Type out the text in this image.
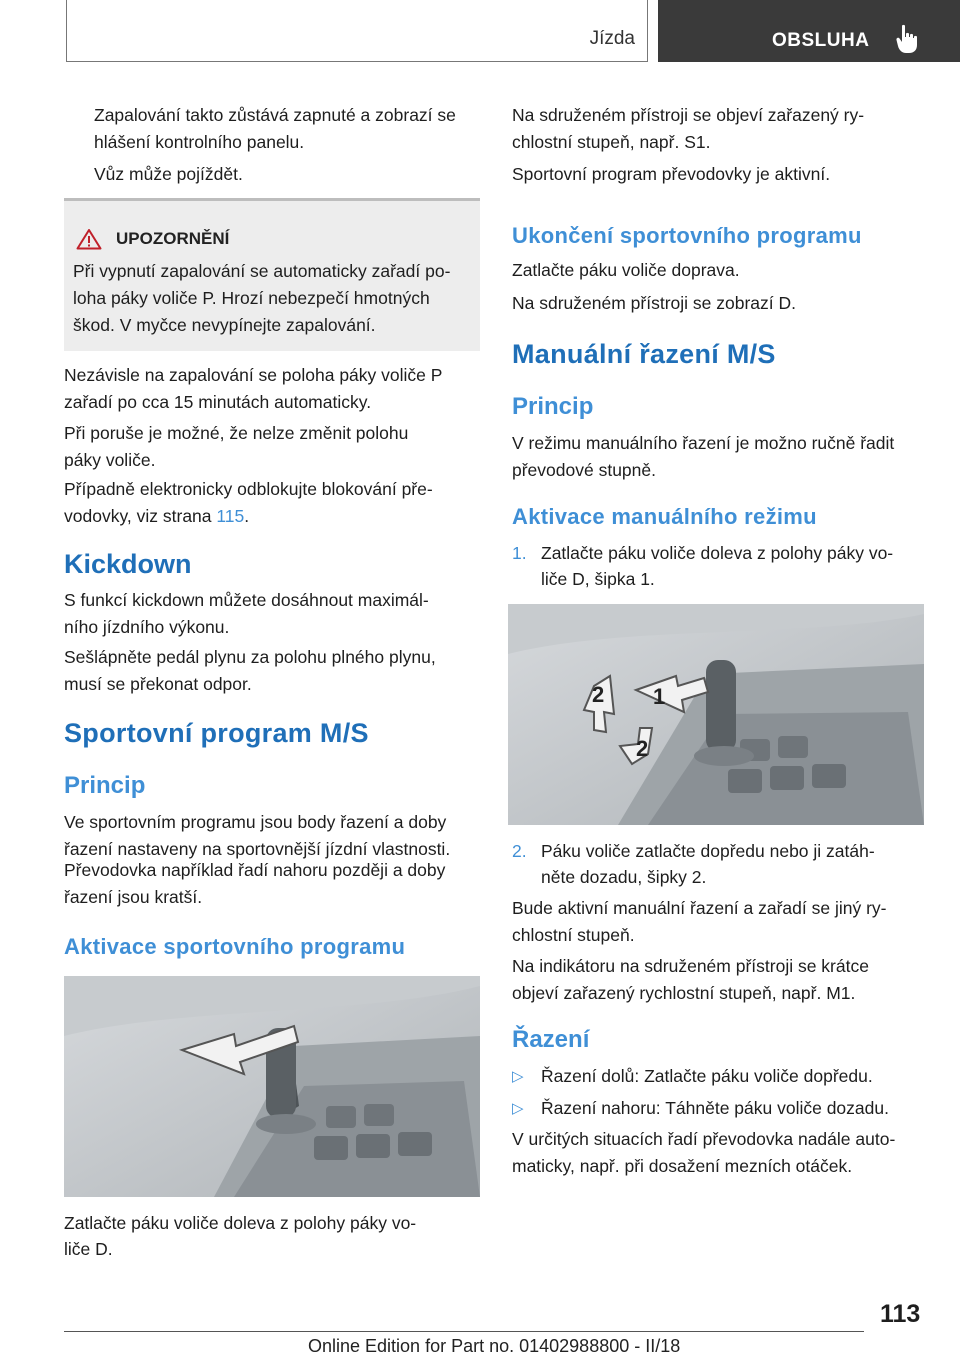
Jízda	OBSLUHA
Zapalování takto zůstává zapnuté a zobrazí se
hlášení kontrolního panelu.
Vůz může pojíždět.
UPOZORNĚNÍ
Při vypnutí zapalování se automaticky zařadí po-
loha páky voliče P. Hrozí nebezpečí hmotných
škod. V myčce nevypínejte zapalování.
Nezávisle na zapalování se poloha páky voliče P
zařadí po cca 15 minutách automaticky.
Při poruše je možné, že nelze změnit polohu
páky voliče.
Případně elektronicky odblokujte blokování pře-
vodovky, viz strana 115.
Kickdown
S funkcí kickdown můžete dosáhnout maximál-
ního jízdního výkonu.
Sešlápněte pedál plynu za polohu plného plynu,
musí se překonat odpor.
Sportovní program M/S
Princip
Ve sportovním programu jsou body řazení a doby
řazení nastaveny na sportovnější jízdní vlastnosti.
Převodovka například řadí nahoru později a doby
řazení jsou kratší.
Aktivace sportovního programu
Zatlačte páku voliče doleva z polohy páky vo-
liče D.
Na sdruženém přístroji se objeví zařazený ry-
chlostní stupeň, např. S1.
Sportovní program převodovky je aktivní.
Ukončení sportovního programu
Zatlačte páku voliče doprava.
Na sdruženém přístroji se zobrazí D.
Manuální řazení M/S
Princip
V režimu manuálního řazení je možno ručně řadit
převodové stupně.
Aktivace manuálního režimu
1. Zatlačte páku voliče doleva z polohy páky vo-
liče D, šipka 1.
1
2
2
2. Páku voliče zatlačte dopředu nebo ji zatáh-
něte dozadu, šipky 2.
Bude aktivní manuální řazení a zařadí se jiný ry-
chlostní stupeň.
Na indikátoru na sdruženém přístroji se krátce
objeví zařazený rychlostní stupeň, např. M1.
Řazení
▷ Řazení dolů: Zatlačte páku voliče dopředu.
▷ Řazení nahoru: Táhněte páku voliče dozadu.
V určitých situacích řadí převodovka nadále auto-
maticky, např. při dosažení mezních otáček.
113
Online Edition for Part no. 01402988800 - II/18
